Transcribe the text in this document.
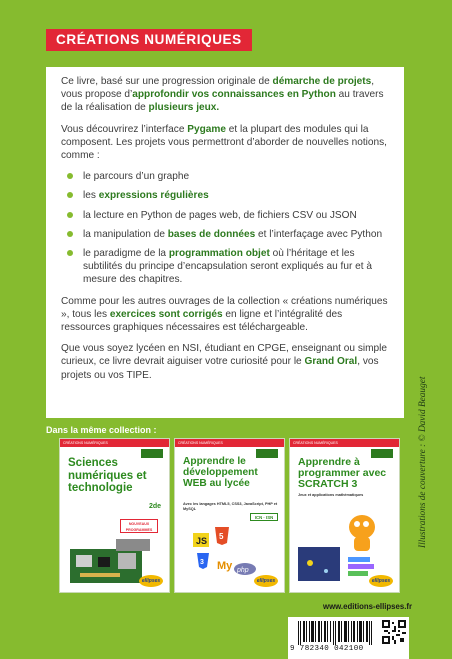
CRÉATIONS NUMÉRIQUES

Ce livre, basé sur une progression originale de démarche de projets, vous propose d’approfondir vos connaissances en Python au travers de la réalisation de plusieurs jeux.

Vous découvrirez l’interface Pygame et la plupart des modules qui la composent. Les projets vous permettront d’aborder de nouvelles notions, comme :

le parcours d’un graphe
les expressions régulières
la lecture en Python de pages web, de fichiers CSV ou JSON
la manipulation de bases de données et l’interfaçage avec Python
le paradigme de la programmation objet où l’héritage et les subtilités du principe d’encapsulation seront expliqués au fur et à mesure des chapitres.

Comme pour les autres ouvrages de la collection « créations numériques », tous les exercices sont corrigés en ligne et l’intégralité des ressources graphiques nécessaires est téléchargeable.

Que vous soyez lycéen en NSI, étudiant en CPGE, enseignant ou simple curieux, ce livre devrait aiguiser votre curiosité pour le Grand Oral, vos projets ou vos TIPE.

Dans la même collection :
CRÉATIONS NUMÉRIQUES
Sciences numériques et technologie
2de
NOUVEAUX PROGRAMMES
ellipses
CRÉATIONS NUMÉRIQUES
Apprendre le développement WEB au lycée
Avec les langages HTML5, CSS3, JavaScript, PHP et MySQL
ICN · ISN
JS 5
3 My php
ellipses
CRÉATIONS NUMÉRIQUES
Apprendre à programmer avec SCRATCH 3
Jeux et applications mathématiques
ellipses
Illustrations de couverture : © David Beauget
www.editions-ellipses.fr
9 782340 042100
